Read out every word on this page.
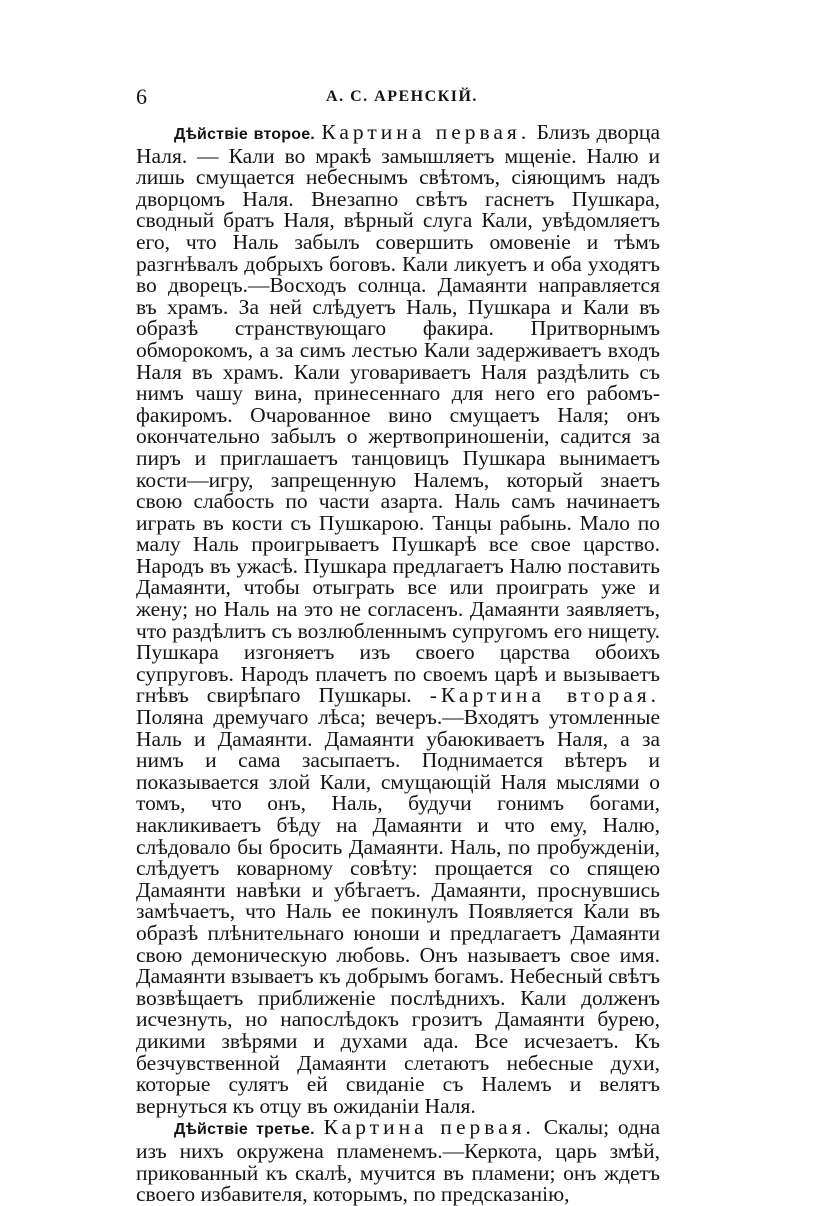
6	А. С. АРЕНСКІЙ.

Дѣйствіе второе. Картина первая. Близъ дворца Наля. — Кали во мракѣ замышляетъ мщеніе. Налю и лишь смущается небеснымъ свѣтомъ, сіяющимъ надъ дворцомъ Наля. Внезапно свѣтъ гаснетъ Пушкара, сводный братъ Наля, вѣрный слуга Кали, увѣдомляетъ его, что Наль забылъ совершить омовеніе и тѣмъ разгнѣвалъ добрыхъ боговъ. Кали ликуетъ и оба уходятъ во дворецъ.—Восходъ солнца. Дамаянти направляется въ храмъ. За ней слѣдуетъ Наль, Пушкара и Кали въ образѣ странствующаго факира. Притворнымъ обморокомъ, а за симъ лестью Кали задерживаетъ входъ Наля въ храмъ. Кали уговариваетъ Наля раздѣлить съ нимъ чашу вина, принесеннаго для него его рабомъ-факиромъ. Очарованное вино смущаетъ Наля; онъ окончательно забылъ о жертвоприношеніи, садится за пиръ и приглашаетъ танцовицъ Пушкара вынимаетъ кости—игру, запрещенную Налемъ, который знаетъ свою слабость по части азарта. Наль самъ начинаетъ играть въ кости съ Пушкарою. Танцы рабынь. Мало по малу Наль проигрываетъ Пушкарѣ все свое царство. Народъ въ ужасѣ. Пушкара предлагаетъ Налю поставить Дамаянти, чтобы отыграть все или проиграть уже и жену; но Наль на это не согласенъ. Дамаянти заявляетъ, что раздѣлитъ съ возлюбленнымъ супругомъ его нищету. Пушкара изгоняетъ изъ своего царства обоихъ супруговъ. Народъ плачетъ по своемъ царѣ и вызываетъ гнѣвъ свирѣпаго Пушкары. -Картина вторая. Поляна дремучаго лѣса; вечеръ.—Входятъ утомленные Наль и Дамаянти. Дамаянти убаюкиваетъ Наля, а за нимъ и сама засыпаетъ. Поднимается вѣтеръ и показывается злой Кали, смущающій Наля мыслями о томъ, что онъ, Наль, будучи гонимъ богами, накликиваетъ бѣду на Дамаянти и что ему, Налю, слѣдовало бы бросить Дамаянти. Наль, по пробужденіи, слѣдуетъ коварному совѣту: прощается со спящею Дамаянти навѣки и убѣгаетъ. Дамаянти, проснувшись замѣчаетъ, что Наль ее покинулъ Появляется Кали въ образѣ плѣнительнаго юноши и предлагаетъ Дамаянти свою демоническую любовь. Онъ называетъ свое имя. Дамаянти взываетъ къ добрымъ богамъ. Небесный свѣтъ возвѣщаетъ приближеніе послѣднихъ. Кали долженъ исчезнуть, но напослѣдокъ грозитъ Дамаянти бурею, дикими звѣрями и духами ада. Все исчезаетъ. Къ безчувственной Дамаянти слетаютъ небесные духи, которые сулятъ ей свиданіе съ Налемъ и велятъ вернуться къ отцу въ ожиданіи Наля.

Дѣйствіе третье. Картина первая. Скалы; одна изъ нихъ окружена пламенемъ.—Керкота, царь змѣй, прикованный къ скалѣ, мучится въ пламени; онъ ждетъ своего избавителя, которымъ, по предсказанію,
